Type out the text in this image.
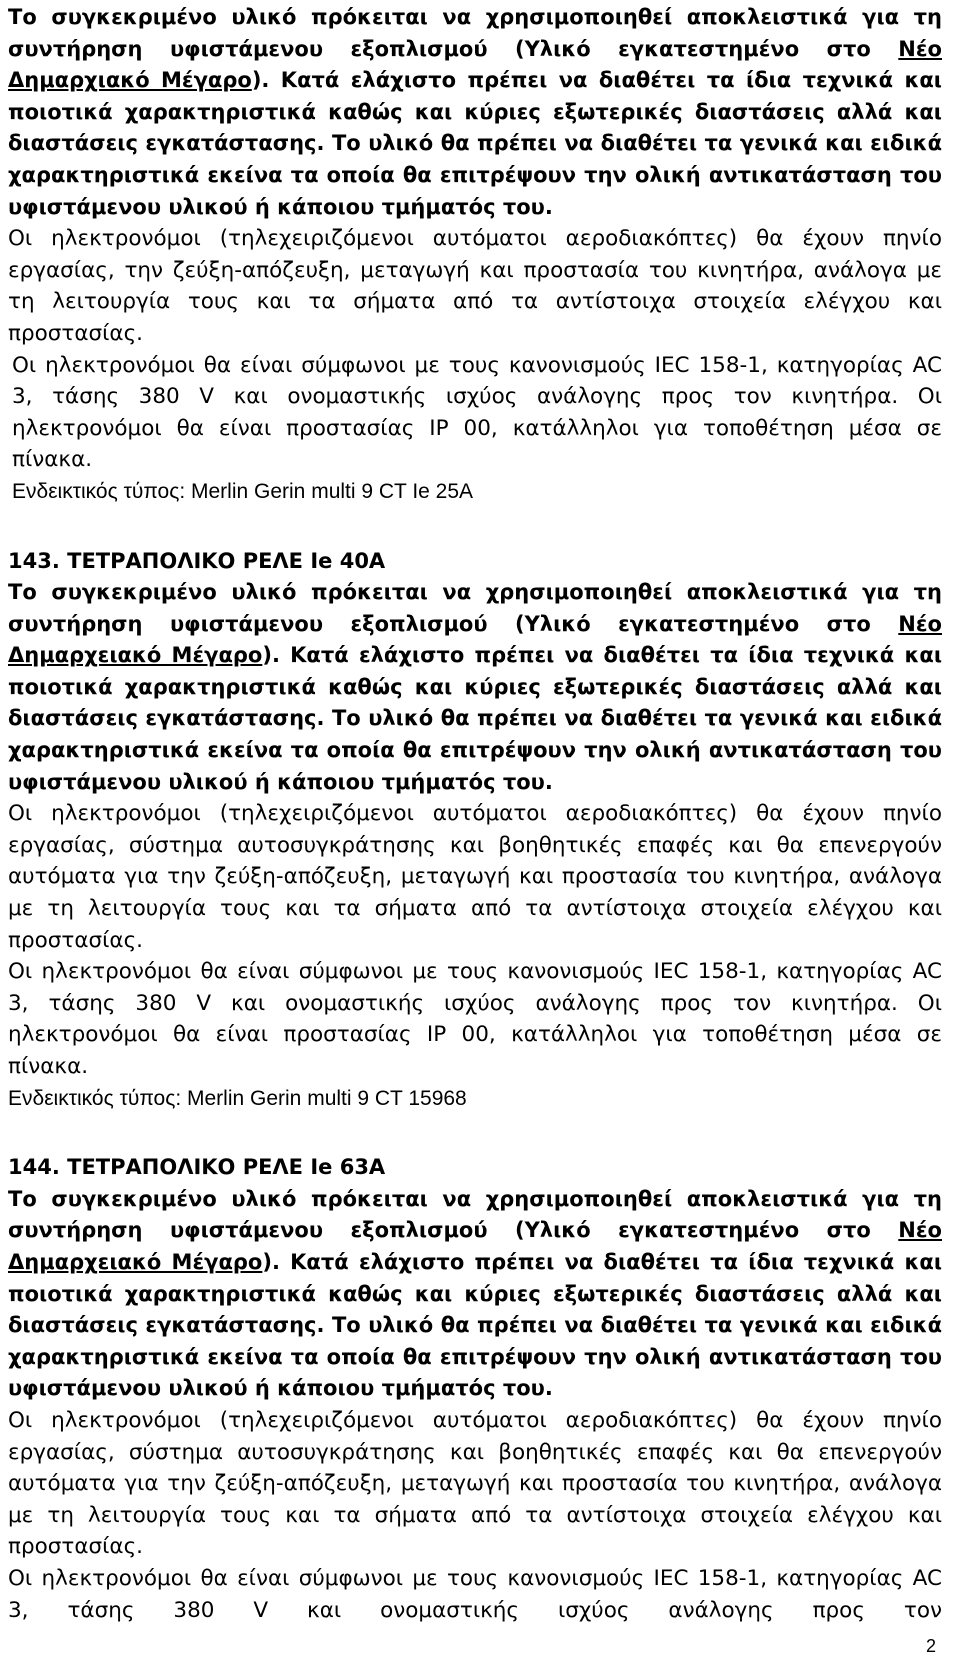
Το συγκεκριμένο υλικό πρόκειται να χρησιμοποιηθεί αποκλειστικά για τη συντήρηση υφιστάμενου εξοπλισμού (Υλικό εγκατεστημένο στο Νέο Δημαρχιακό Μέγαρο). Κατά ελάχιστο πρέπει να διαθέτει τα ίδια τεχνικά και ποιοτικά χαρακτηριστικά καθώς και κύριες εξωτερικές διαστάσεις αλλά και διαστάσεις εγκατάστασης. Το υλικό θα πρέπει να διαθέτει τα γενικά και ειδικά χαρακτηριστικά εκείνα τα οποία θα επιτρέψουν την ολική αντικατάσταση του υφιστάμενου υλικού ή κάποιου τμήματός του.

Οι ηλεκτρονόμοι (τηλεχειριζόμενοι αυτόματοι αεροδιακόπτες) θα έχουν πηνίο εργασίας, την ζεύξη-απόζευξη, μεταγωγή και προστασία του κινητήρα, ανάλογα με τη λειτουργία τους και τα σήματα από τα αντίστοιχα στοιχεία ελέγχου και προστασίας.

Οι ηλεκτρονόμοι θα είναι σύμφωνοι με τους κανονισμούς IEC 158-1, κατηγορίας AC 3, τάσης 380 V και ονομαστικής ισχύος ανάλογης προς τον κινητήρα. Οι ηλεκτρονόμοι θα είναι προστασίας IP 00, κατάλληλοι για τοποθέτηση μέσα σε πίνακα.

Ενδεικτικός τύπος: Merlin Gerin multi 9 CT Ie 25A

143. ΤΕΤΡΑΠΟΛΙΚΟ ΡΕΛΕ Ie 40A

Το συγκεκριμένο υλικό πρόκειται να χρησιμοποιηθεί αποκλειστικά για τη συντήρηση υφιστάμενου εξοπλισμού (Υλικό εγκατεστημένο στο Νέο Δημαρχειακό Μέγαρο). Κατά ελάχιστο πρέπει να διαθέτει τα ίδια τεχνικά και ποιοτικά χαρακτηριστικά καθώς και κύριες εξωτερικές διαστάσεις αλλά και διαστάσεις εγκατάστασης. Το υλικό θα πρέπει να διαθέτει τα γενικά και ειδικά χαρακτηριστικά εκείνα τα οποία θα επιτρέψουν την ολική αντικατάσταση του υφιστάμενου υλικού ή κάποιου τμήματός του.

Οι ηλεκτρονόμοι (τηλεχειριζόμενοι αυτόματοι αεροδιακόπτες) θα έχουν πηνίο εργασίας, σύστημα αυτοσυγκράτησης και βοηθητικές επαφές και θα επενεργούν αυτόματα για την ζεύξη-απόζευξη, μεταγωγή και προστασία του κινητήρα, ανάλογα με τη λειτουργία τους και τα σήματα από τα αντίστοιχα στοιχεία ελέγχου και προστασίας.

Οι ηλεκτρονόμοι θα είναι σύμφωνοι με τους κανονισμούς IEC 158-1, κατηγορίας AC 3, τάσης 380 V και ονομαστικής ισχύος ανάλογης προς τον κινητήρα. Οι ηλεκτρονόμοι θα είναι προστασίας IP 00, κατάλληλοι για τοποθέτηση μέσα σε πίνακα.

Ενδεικτικός τύπος: Merlin Gerin multi 9 CT 15968

144. ΤΕΤΡΑΠΟΛΙΚΟ ΡΕΛΕ Ie 63A

Το συγκεκριμένο υλικό πρόκειται να χρησιμοποιηθεί αποκλειστικά για τη συντήρηση υφιστάμενου εξοπλισμού (Υλικό εγκατεστημένο στο Νέο Δημαρχειακό Μέγαρο). Κατά ελάχιστο πρέπει να διαθέτει τα ίδια τεχνικά και ποιοτικά χαρακτηριστικά καθώς και κύριες εξωτερικές διαστάσεις αλλά και διαστάσεις εγκατάστασης. Το υλικό θα πρέπει να διαθέτει τα γενικά και ειδικά χαρακτηριστικά εκείνα τα οποία θα επιτρέψουν την ολική αντικατάσταση του υφιστάμενου υλικού ή κάποιου τμήματός του.

Οι ηλεκτρονόμοι (τηλεχειριζόμενοι αυτόματοι αεροδιακόπτες) θα έχουν πηνίο εργασίας, σύστημα αυτοσυγκράτησης και βοηθητικές επαφές και θα επενεργούν αυτόματα για την ζεύξη-απόζευξη, μεταγωγή και προστασία του κινητήρα, ανάλογα με τη λειτουργία τους και τα σήματα από τα αντίστοιχα στοιχεία ελέγχου και προστασίας.

Οι ηλεκτρονόμοι θα είναι σύμφωνοι με τους κανονισμούς IEC 158-1, κατηγορίας AC 3, τάσης 380 V και ονομαστικής ισχύος ανάλογης προς τον

2
